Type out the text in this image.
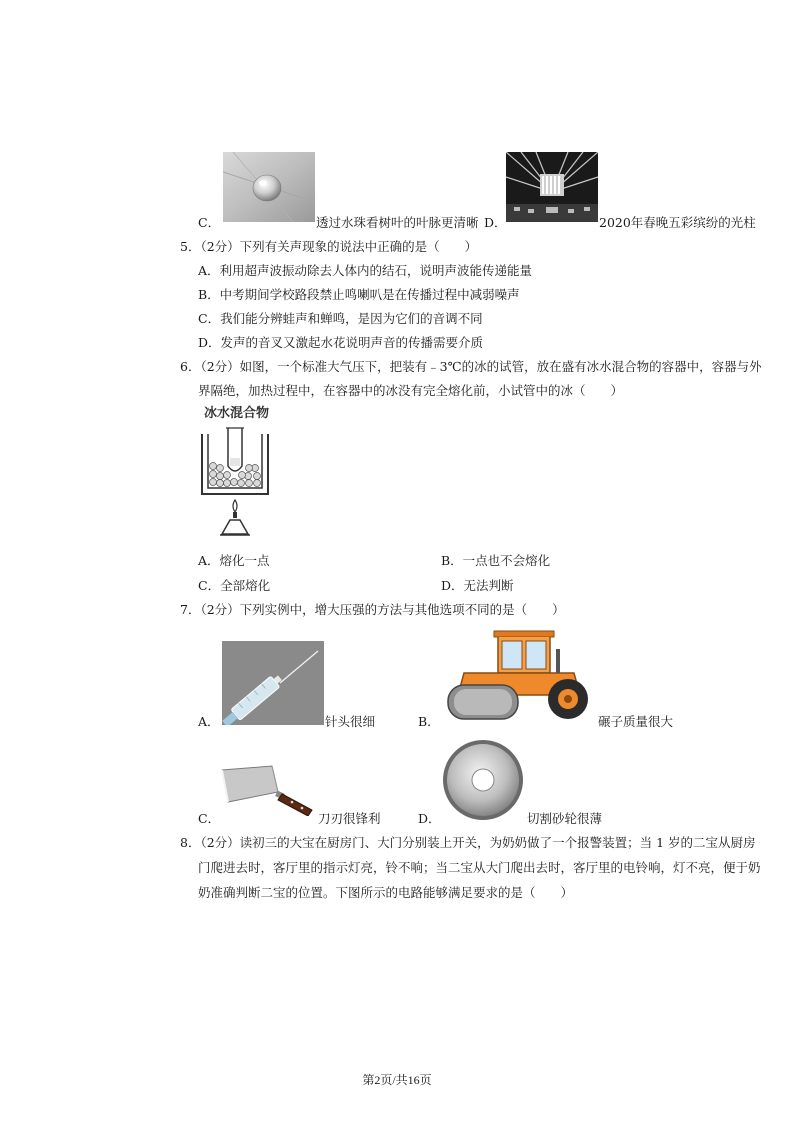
C．	透过水珠看树叶的叶脉更清晰 D．	2020年春晚五彩缤纷的光柱
5．（2分）下列有关声现象的说法中正确的是（　　）
A．利用超声波振动除去人体内的结石，说明声波能传递能量
B．中考期间学校路段禁止鸣喇叭是在传播过程中减弱噪声
C．我们能分辨蛙声和蝉鸣，是因为它们的音调不同
D．发声的音叉又激起水花说明声音的传播需要介质
6．（2分）如图，一个标准大气压下，把装有﹣3℃的冰的试管，放在盛有冰水混合物的容器中，容器与外
界隔绝，加热过程中，在容器中的冰没有完全熔化前，小试管中的冰（　　）
冰水混合物
A．熔化一点	B．一点也不会熔化
C．全部熔化	D．无法判断
7．（2分）下列实例中，增大压强的方法与其他选项不同的是（　　）
A．	针头很细	B．	碾子质量很大
C．	刀刃很锋利	D．	切割砂轮很薄
8．（2分）读初三的大宝在厨房门、大门分别装上开关，为奶奶做了一个报警装置；当 1 岁的二宝从厨房
门爬进去时，客厅里的指示灯亮，铃不响；当二宝从大门爬出去时，客厅里的电铃响，灯不亮，便于奶
奶准确判断二宝的位置。下图所示的电路能够满足要求的是（　　）
第2页/共16页
